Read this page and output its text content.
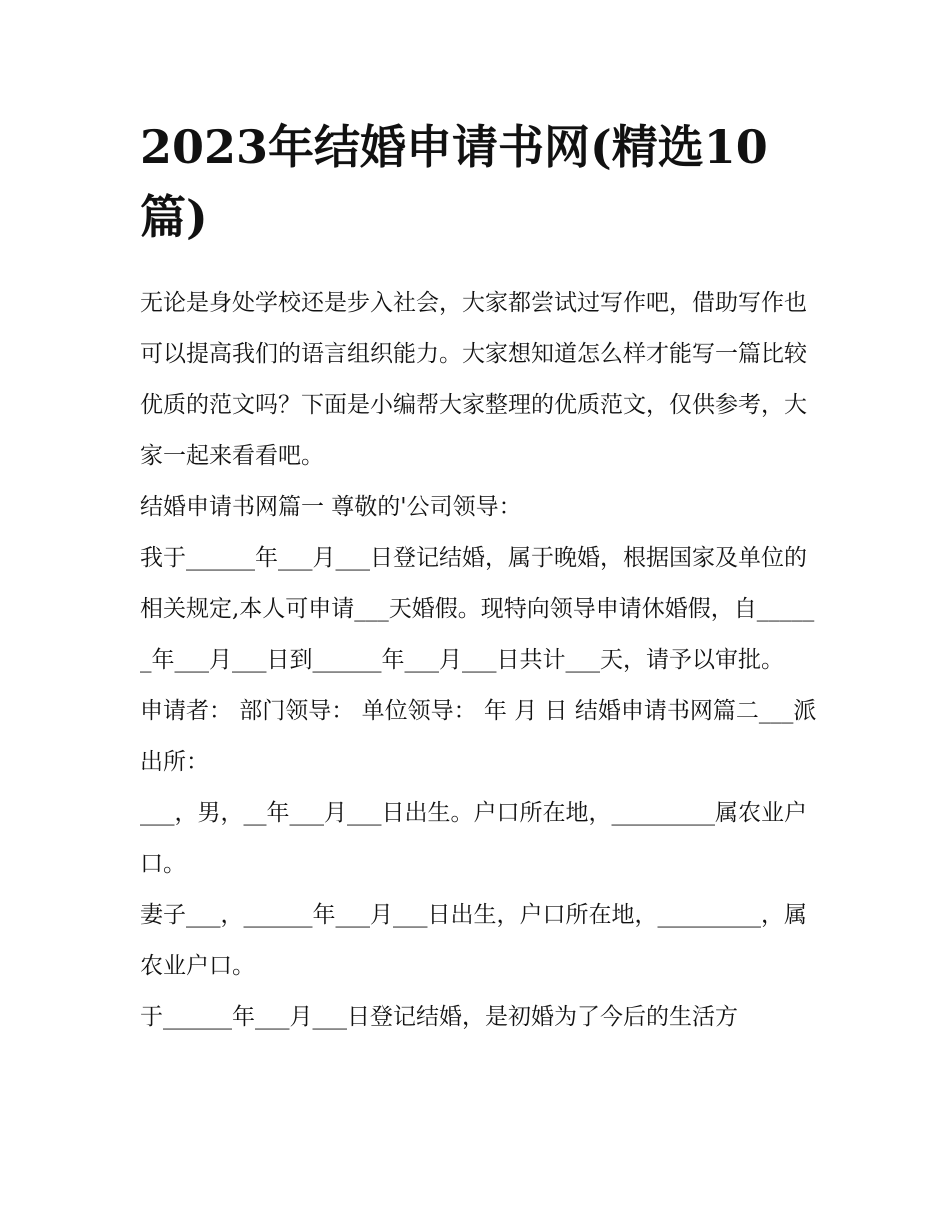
2023年结婚申请书网(精选10篇)

无论是身处学校还是步入社会，大家都尝试过写作吧，借助写作也可以提高我们的语言组织能力。大家想知道怎么样才能写一篇比较优质的范文吗？下面是小编帮大家整理的优质范文，仅供参考，大家一起来看看吧。

结婚申请书网篇一 尊敬的'公司领导：

我于______年___月___日登记结婚，属于晚婚，根据国家及单位的相关规定,本人可申请___天婚假。现特向领导申请休婚假，自______年___月___日到______年___月___日共计___天，请予以审批。

申请者： 部门领导： 单位领导： 年 月 日 结婚申请书网篇二___派出所：

___，男，__年___月___日出生。户口所在地，_________属农业户口。

妻子___，______年___月___日出生，户口所在地，_________，属农业户口。

于______年___月___日登记结婚，是初婚为了今后的生活方
